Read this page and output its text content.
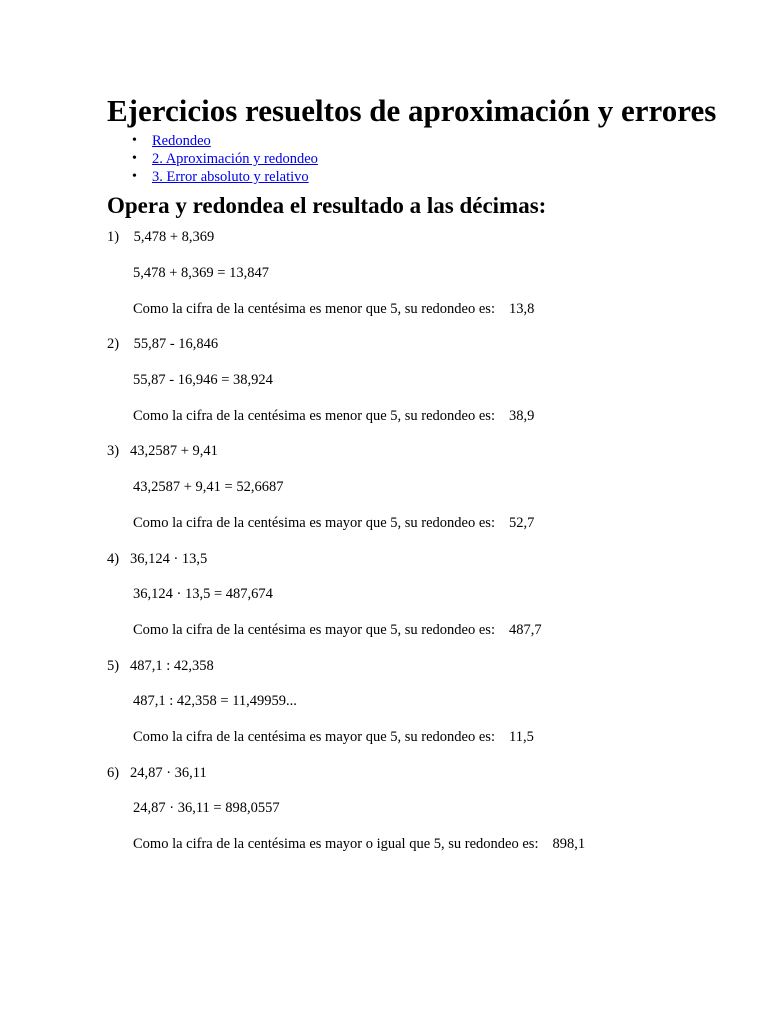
Ejercicios resueltos de aproximación y errores
• Redondeo
• 2. Aproximación y redondeo
• 3. Error absoluto y relativo
Opera y redondea el resultado a las décimas:
1)
5,478 + 8,369
5,478 + 8,369 = 13,847
Como la cifra de la centésima es menor que 5, su redondeo es: 13,8
2)
55,87 - 16,846
55,87 - 16,946 = 38,924
Como la cifra de la centésima es menor que 5, su redondeo es: 38,9
3)
43,2587 + 9,41
43,2587 + 9,41 = 52,6687
Como la cifra de la centésima es mayor que 5, su redondeo es: 52,7
4)
36,124 · 13,5
36,124 · 13,5 = 487,674
Como la cifra de la centésima es mayor que 5, su redondeo es: 487,7
5)
487,1 : 42,358
487,1 : 42,358 = 11,49959...
Como la cifra de la centésima es mayor que 5, su redondeo es: 11,5
6)
24,87 · 36,11
24,87 · 36,11 = 898,0557
Como la cifra de la centésima es mayor o igual que 5, su redondeo es: 898,1
